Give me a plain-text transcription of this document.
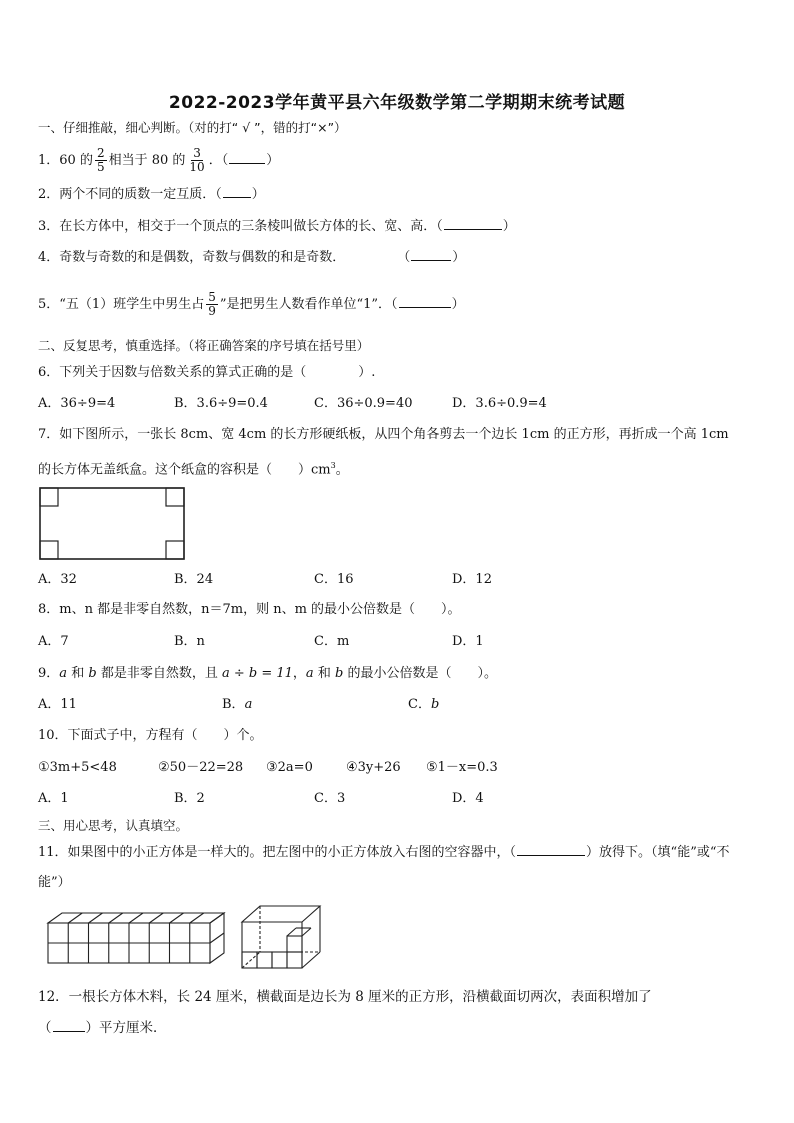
2022-2023学年黄平县六年级数学第二学期期末统考试题
一、仔细推敲，细心判断。（对的打“ √ ”，错的打“×”）
1．60 的 $\frac{2}{5}$ 相当于 80 的 $\frac{3}{10}$ ．（	）
2．两个不同的质数一定互质．（ ）
3．在长方体中，相交于一个顶点的三条棱叫做长方体的长、宽、高．（	）
4．奇数与奇数的和是偶数，奇数与偶数的和是奇数．	（	）
5．“五（1）班学生中男生占 $\frac{5}{9}$ ”是把男生人数看作单位“1”．（	）
二、反复思考，慎重选择。（将正确答案的序号填在括号里）
6．下列关于因数与倍数关系的算式正确的是（　　　　）.
A．36÷9=4	B．3.6÷9=0.4	C．36÷0.9=40	D．3.6÷0.9=4
7．如下图所示，一张长 8cm、宽 4cm 的长方形硬纸板，从四个角各剪去一个边长 1cm 的正方形，再折成一个高 1cm
的长方体无盖纸盒。这个纸盒的容积是（　　）$cm^3$。
A．32	B．24	C．16	D．12
8．m、n 都是非零自然数，n＝7m，则 n、m 的最小公倍数是（　　）。
A．7	B．n	C．m	D．1
9．a 和 b 都是非零自然数，且 a ÷ b = 11，a 和 b 的最小公倍数是（　　）。
A．11	B．a	C．b
10．下面式子中，方程有（　　）个。
①3m+5<48	②50－22=28 ③2a=0	④3y+26 ⑤1－x=0.3
A．1	B．2	C．3	D．4
三、用心思考，认真填空。
11．如果图中的小正方体是一样大的。把左图中的小正方体放入右图的空容器中，（	）放得下。（填“能”或“不
能”）
12．一根长方体木料，长 24 厘米，横截面是边长为 8 厘米的正方形，沿横截面切两次，表面积增加了
（	）平方厘米．
